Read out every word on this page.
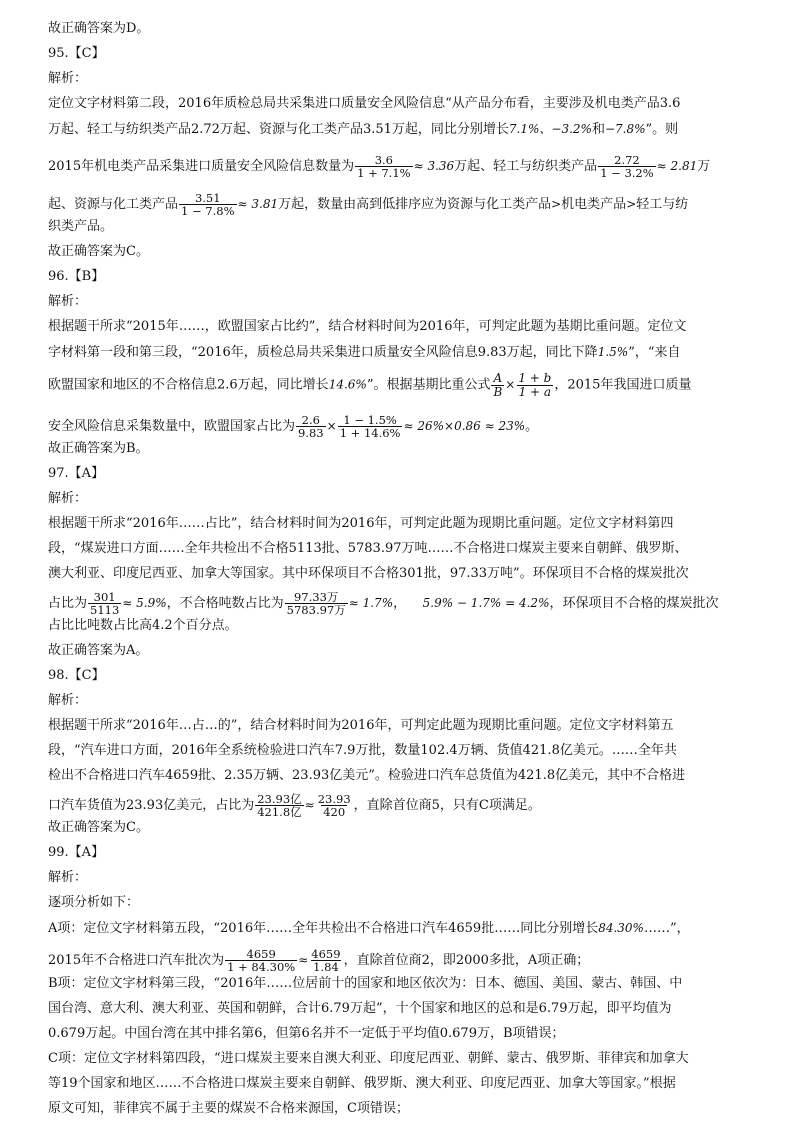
故正确答案为D。
95.【C】
解析：
定位文字材料第二段，2016年质检总局共采集进口质量安全风险信息“从产品分布看，主要涉及机电类产品3.6
万起、轻工与纺织类产品2.72万起、资源与化工类产品3.51万起，同比分别增长7.1%、−3.2%和−7.8%”。则
2015年机电类产品采集进口质量安全风险信息数量为 $\frac{3.6}{1 + 7.1\%} \approx 3.36$万起、轻工与纺织类产品 $\frac{2.72}{1 - 3.2\%} \approx 2.81$万
起、资源与化工类产品 $\frac{3.51}{1 - 7.8\%} \approx 3.81$万起，数量由高到低排序应为资源与化工类产品>机电类产品>轻工与纺
织类产品。
故正确答案为C。
96.【B】
解析：
根据题干所求“2015年……，欧盟国家占比约”，结合材料时间为2016年，可判定此题为基期比重问题。定位文
字材料第一段和第三段，“2016年，质检总局共采集进口质量安全风险信息9.83万起，同比下降1.5%”，“来自
欧盟国家和地区的不合格信息2.6万起，同比增长14.6%”。根据基期比重公式 $\frac{A}{B} \times \frac{1 + b}{1 + a}$ ，2015年我国进口质量
安全风险信息采集数量中，欧盟国家占比为 $\frac{2.6}{9.83} \times \frac{1 - 1.5\%}{1 + 14.6\%} \approx 26\%\times 0.86 \approx 23\%$。
故正确答案为B。
97.【A】
解析：
根据题干所求“2016年……占比”，结合材料时间为2016年，可判定此题为现期比重问题。定位文字材料第四
段，“煤炭进口方面……全年共检出不合格5113批、5783.97万吨……不合格进口煤炭主要来自朝鲜、俄罗斯、
澳大利亚、印度尼西亚、加拿大等国家。其中环保项目不合格301批，97.33万吨”。环保项目不合格的煤炭批次
占比为 $\frac{301}{5113} \approx 5.9\%$，不合格吨数占比为 $\frac{\text{97.33万}}{\text{5783.97万}} \approx 1.7\%$， 5.9% − 1.7% = 4.2%，环保项目不合格的煤炭批次
占比比吨数占比高4.2个百分点。
故正确答案为A。
98.【C】
解析：
根据题干所求“2016年…占…的”，结合材料时间为2016年，可判定此题为现期比重问题。定位文字材料第五
段，“汽车进口方面，2016年全系统检验进口汽车7.9万批，数量102.4万辆、货值421.8亿美元。……全年共
检出不合格进口汽车4659批、2.35万辆、23.93亿美元”。检验进口汽车总货值为421.8亿美元，其中不合格进
口汽车货值为23.93亿美元，占比为 $\frac{\text{23.93亿}}{\text{421.8亿}} \approx \frac{23.93}{420}$ ，直除首位商5，只有C项满足。
故正确答案为C。
99.【A】
解析：
逐项分析如下：
A项：定位文字材料第五段，“2016年……全年共检出不合格进口汽车4659批……同比分别增长84.30%……”，
2015年不合格进口汽车批次为 $\frac{4659}{1 + 84.30\%} \approx \frac{4659}{1.84}$ ，直除首位商2，即2000多批，A项正确；
B项：定位文字材料第三段，“2016年……位居前十的国家和地区依次为：日本、德国、美国、蒙古、韩国、中
国台湾、意大利、澳大利亚、英国和朝鲜，合计6.79万起”，十个国家和地区的总和是6.79万起，即平均值为
0.679万起。中国台湾在其中排名第6，但第6名并不一定低于平均值0.679万，B项错误；
C项：定位文字材料第四段，“进口煤炭主要来自澳大利亚、印度尼西亚、朝鲜、蒙古、俄罗斯、菲律宾和加拿大
等19个国家和地区……不合格进口煤炭主要来自朝鲜、俄罗斯、澳大利亚、印度尼西亚、加拿大等国家。”根据
原文可知，菲律宾不属于主要的煤炭不合格来源国，C项错误；
